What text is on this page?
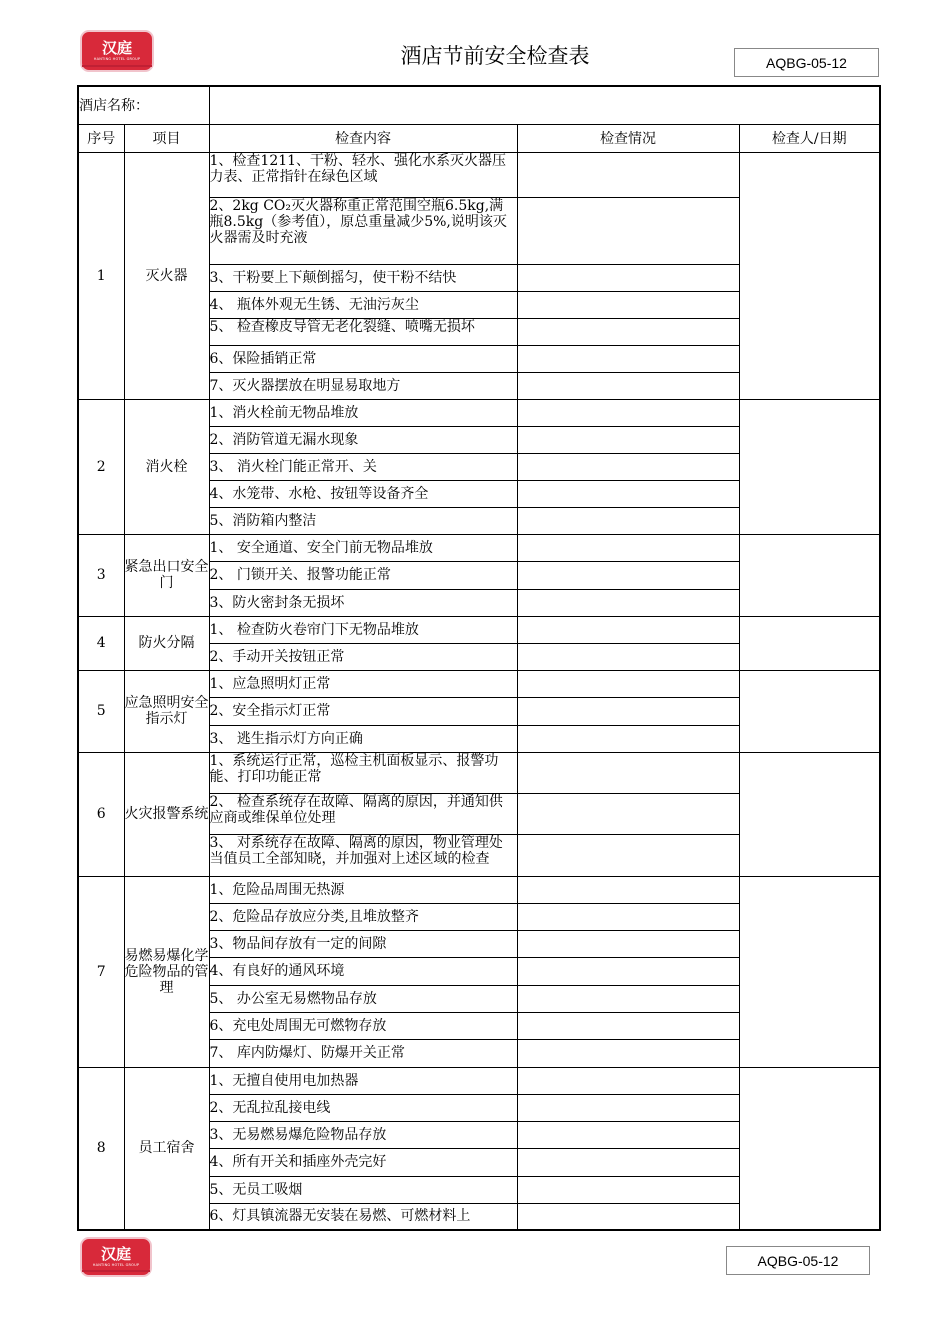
汉庭
HANTING HOTEL GROUP	酒店节前安全检查表	AQBG-05-12
酒店名称：				
序号	项目	检查内容	检查情况	检查人/日期
1	灭火器	1、检查1211、干粉、轻水、强化水系灭火器压力表、正常指针在绿色区域		
		2、2kg CO₂灭火器称重正常范围空瓶6.5kg,满瓶8.5kg（参考值），原总重量减少5%,说明该灭火器需及时充液		
		3、干粉要上下颠倒摇匀，使干粉不结快		
		4、 瓶体外观无生锈、无油污灰尘		
		5、 检查橡皮导管无老化裂缝、喷嘴无损坏		
		6、保险插销正常		
		7、灭火器摆放在明显易取地方		
2	消火栓	1、消火栓前无物品堆放		
		2、消防管道无漏水现象		
		3、 消火栓门能正常开、关		
		4、水笼带、水枪、按钮等设备齐全		
		5、消防箱内整洁		
3	紧急出口安全门	1、 安全通道、安全门前无物品堆放		
		2、 门锁开关、报警功能正常		
		3、防火密封条无损坏		
4	防火分隔	1、 检查防火卷帘门下无物品堆放		
		2、手动开关按钮正常		
5	应急照明安全指示灯	1、应急照明灯正常		
		2、安全指示灯正常		
		3、 逃生指示灯方向正确		
6	火灾报警系统	1、系统运行正常，巡检主机面板显示、报警功能、打印功能正常		
		2、 检查系统存在故障、隔离的原因，并通知供应商或维保单位处理		
		3、 对系统存在故障、隔离的原因，物业管理处当值员工全部知晓，并加强对上述区域的检查		
7	易燃易爆化学危险物品的管理	1、危险品周围无热源		
		2、危险品存放应分类,且堆放整齐		
		3、物品间存放有一定的间隙		
		4、有良好的通风环境		
		5、 办公室无易燃物品存放		
		6、充电处周围无可燃物存放		
		7、 库内防爆灯、防爆开关正常		
8	员工宿舍	1、无擅自使用电加热器		
		2、无乱拉乱接电线		
		3、无易燃易爆危险物品存放		
		4、所有开关和插座外壳完好		
		5、无员工吸烟		
		6、灯具镇流器无安装在易燃、可燃材料上		
汉庭
HANTING HOTEL GROUP	AQBG-05-12
